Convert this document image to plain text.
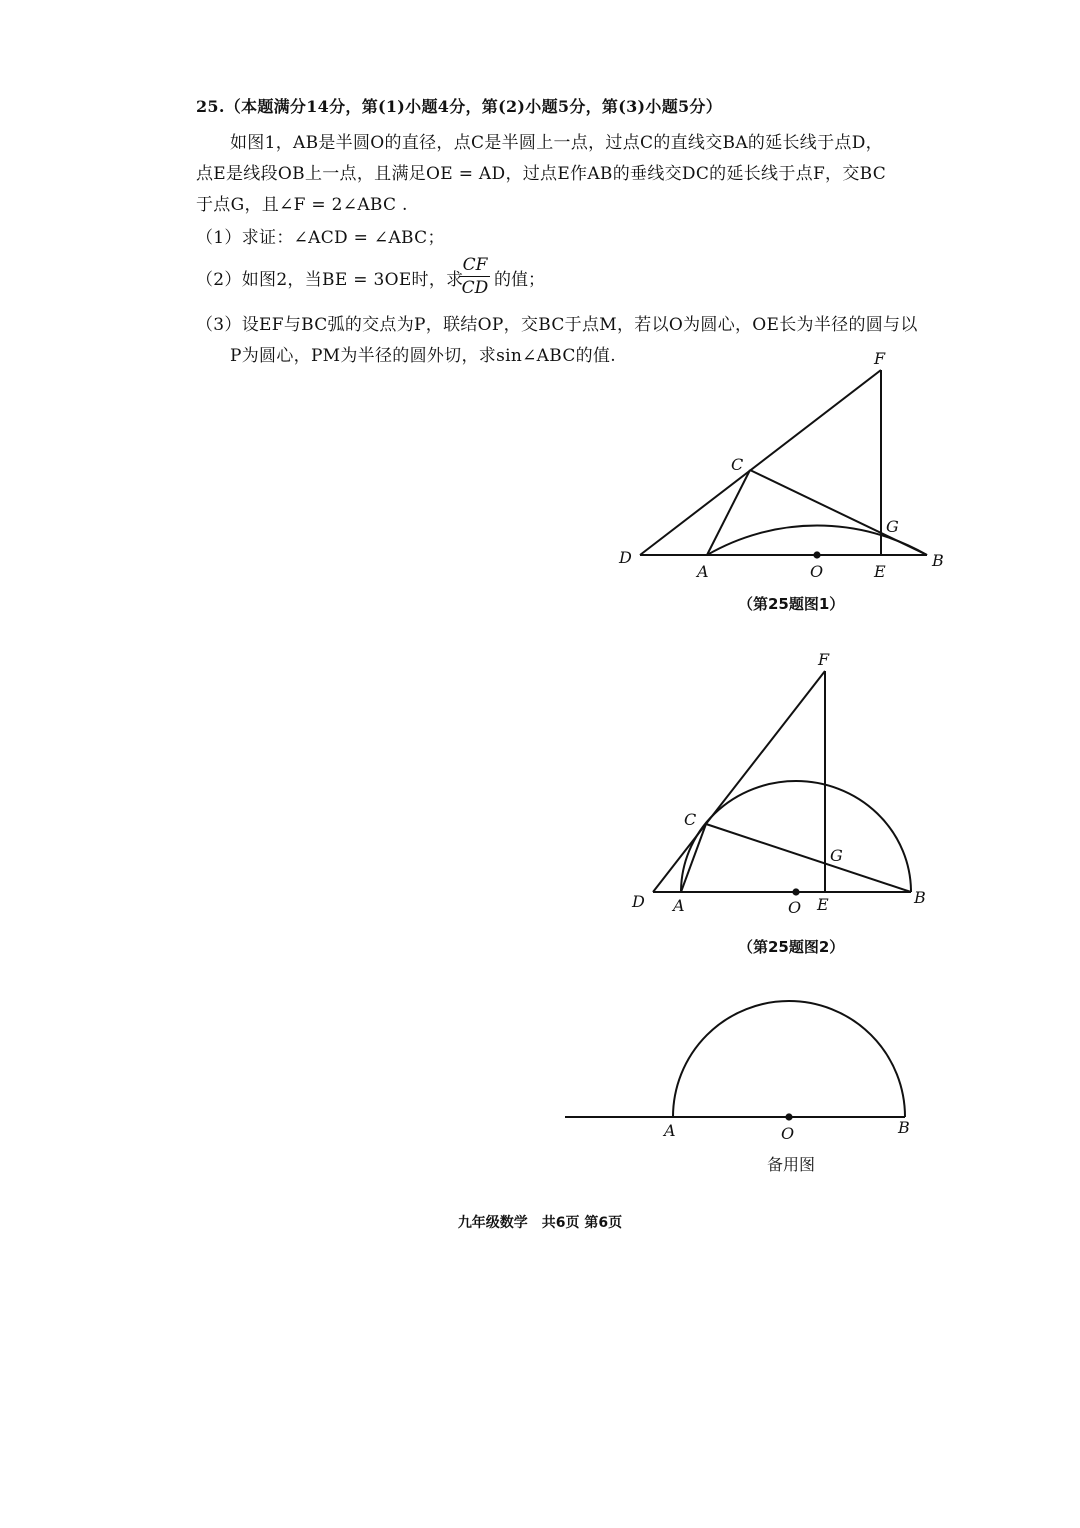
25.（本题满分14分，第(1)小题4分，第(2)小题5分，第(3)小题5分）
如图1，AB是半圆O的直径，点C是半圆上一点，过点C的直线交BA的延长线于点D，
点E是线段OB上一点，且满足OE = AD，过点E作AB的垂线交DC的延长线于点F，交BC
于点G，且∠F = 2∠ABC .
（1）求证：∠ACD = ∠ABC；
（2）如图2，当BE = 3OE时，求
CF
CD 的值；
（3）设EF与BC弧的交点为P，联结OP，交BC于点M，若以O为圆心，OE长为半径的圆与以
P为圆心，PM为半径的圆外切，求sin∠ABC的值.	F
C
G
D
A	O	E
B
（第25题图1）
F
C
G
D A	O E	B
（第25题图2）
A	O	B
备用图
九年级数学　共6页 第6页
